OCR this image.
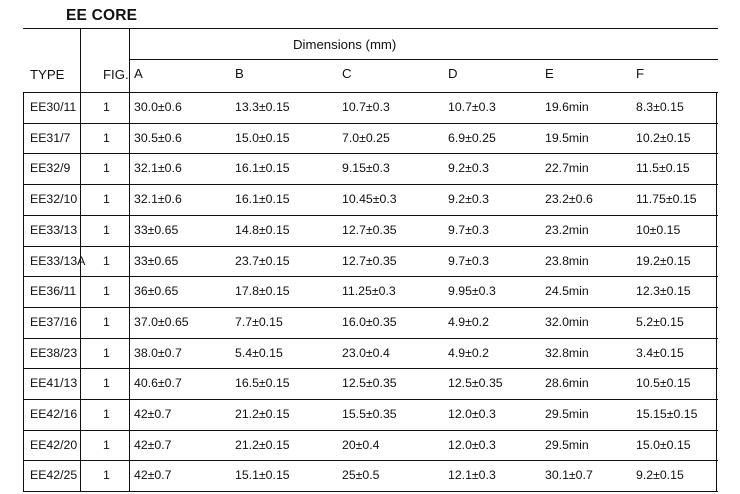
EE CORE
Dimensions (mm)
TYPE	FIG. A	B	C	D	E	F
EE30/11 1 30.0±0.6	13.3±0.15	10.7±0.3	10.7±0.3	19.6min	8.3±0.15
EE31/7	1 30.5±0.6	15.0±0.15	7.0±0.25	6.9±0.25	19.5min	10.2±0.15
EE32/9	1 32.1±0.6	16.1±0.15	9.15±0.3	9.2±0.3	22.7min	11.5±0.15
EE32/10 1 32.1±0.6	16.1±0.15	10.45±0.3	9.2±0.3	23.2±0.6	11.75±0.15
EE33/13 1 33±0.65	14.8±0.15	12.7±0.35	9.7±0.3	23.2min	10±0.15
EE33/13A 1 33±0.65	23.7±0.15	12.7±0.35	9.7±0.3	23.8min	19.2±0.15
EE36/11 1 36±0.65	17.8±0.15	11.25±0.3	9.95±0.3	24.5min	12.3±0.15
EE37/16 1 37.0±0.65	7.7±0.15	16.0±0.35	4.9±0.2	32.0min	5.2±0.15
EE38/23 1 38.0±0.7	5.4±0.15	23.0±0.4	4.9±0.2	32.8min	3.4±0.15
EE41/13 1 40.6±0.7	16.5±0.15	12.5±0.35	12.5±0.35	28.6min	10.5±0.15
EE42/16 1 42±0.7	21.2±0.15	15.5±0.35	12.0±0.3	29.5min	15.15±0.15
EE42/20 1 42±0.7	21.2±0.15	20±0.4	12.0±0.3	29.5min	15.0±0.15
EE42/25 1 42±0.7	15.1±0.15	25±0.5	12.1±0.3	30.1±0.7	9.2±0.15
